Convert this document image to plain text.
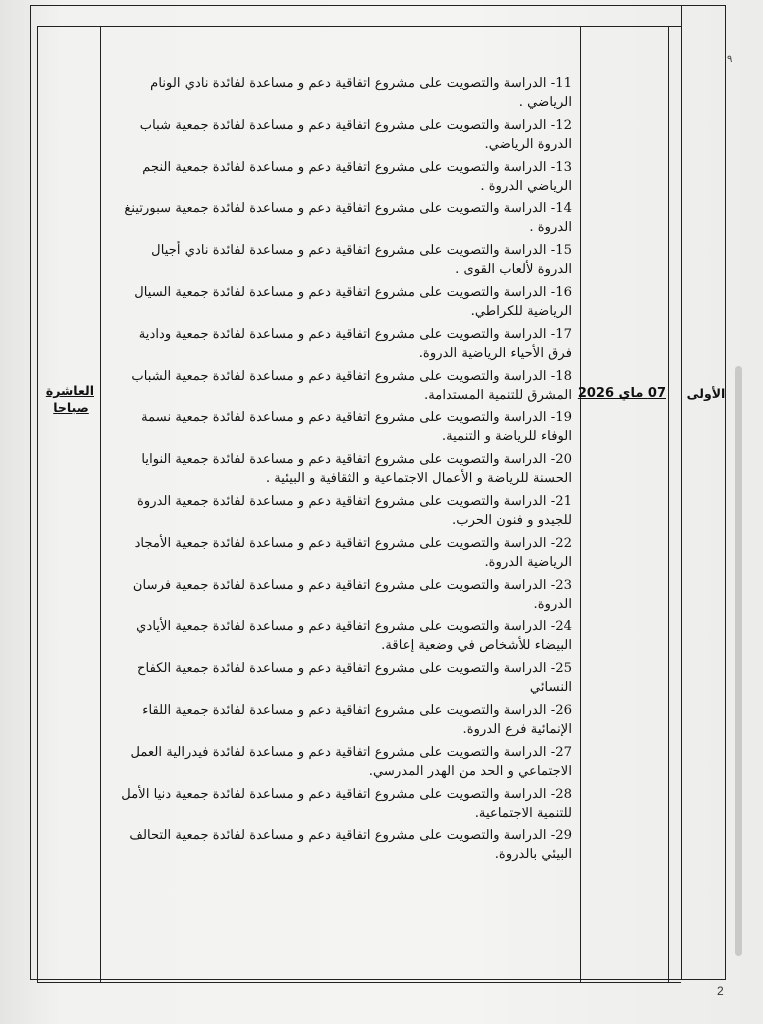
الأولى
07 ماي 2026
العاشرة
صباحا
11- الدراسة والتصويت على مشروع اتفاقية دعم و مساعدة لفائدة نادي الونام
الرياضي .
12- الدراسة والتصويت على مشروع اتفاقية دعم و مساعدة لفائدة جمعية شباب
الدروة الرياضي.
13- الدراسة والتصويت على مشروع اتفاقية دعم و مساعدة لفائدة جمعية النجم
الرياضي الدروة .
14- الدراسة والتصويت على مشروع اتفاقية دعم و مساعدة لفائدة جمعية سبورتينغ
الدروة .
15- الدراسة والتصويت على مشروع اتفاقية دعم و مساعدة لفائدة نادي أجيال
الدروة لألعاب القوى .
16- الدراسة والتصويت على مشروع اتفاقية دعم و مساعدة لفائدة جمعية السيال
الرياضية للكراطي.
17- الدراسة والتصويت على مشروع اتفاقية دعم و مساعدة لفائدة جمعية ودادية
فرق الأحياء الرياضية الدروة.
18- الدراسة والتصويت على مشروع اتفاقية دعم و مساعدة لفائدة جمعية الشباب
المشرق للتنمية المستدامة.
19- الدراسة والتصويت على مشروع اتفاقية دعم و مساعدة لفائدة جمعية نسمة
الوفاء للرياضة و التنمية.
20- الدراسة والتصويت على مشروع اتفاقية دعم و مساعدة لفائدة جمعية النوايا
الحسنة للرياضة و الأعمال الاجتماعية و الثقافية و البيئية .
21- الدراسة والتصويت على مشروع اتفاقية دعم و مساعدة لفائدة جمعية الدروة
للجيدو و فنون الحرب.
22- الدراسة والتصويت على مشروع اتفاقية دعم و مساعدة لفائدة جمعية الأمجاد
الرياضية الدروة.
23- الدراسة والتصويت على مشروع اتفاقية دعم و مساعدة لفائدة جمعية فرسان
الدروة.
24- الدراسة والتصويت على مشروع اتفاقية دعم و مساعدة لفائدة جمعية الأيادي
البيضاء للأشخاص في وضعية إعاقة.
25- الدراسة والتصويت على مشروع اتفاقية دعم و مساعدة لفائدة جمعية الكفاح
النسائي
26- الدراسة والتصويت على مشروع اتفاقية دعم و مساعدة لفائدة جمعية اللقاء
الإنمائية فرع الدروة.
27- الدراسة والتصويت على مشروع اتفاقية دعم و مساعدة لفائدة فيدرالية العمل
الاجتماعي و الحد من الهدر المدرسي.
28- الدراسة والتصويت على مشروع اتفاقية دعم و مساعدة لفائدة جمعية دنيا الأمل
للتنمية الاجتماعية.
29- الدراسة والتصويت على مشروع اتفاقية دعم و مساعدة لفائدة جمعية التحالف
البيئي بالدروة.
٩
2
